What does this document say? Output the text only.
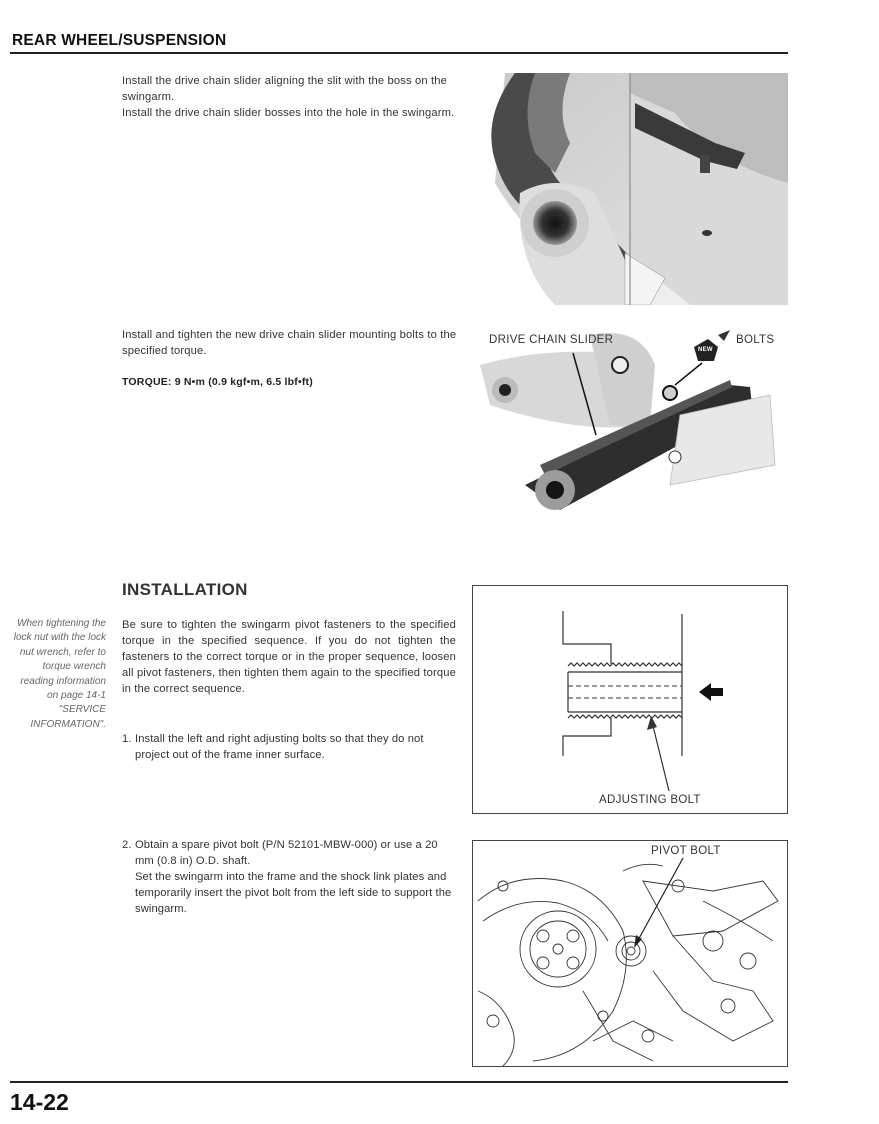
REAR WHEEL/SUSPENSION

Install the drive chain slider aligning the slit with the boss on the swingarm.

Install the drive chain slider bosses into the hole in the swingarm.

Install and tighten the new drive chain slider mounting bolts to the specified torque.
TORQUE: 9 N•m (0.9 kgf•m, 6.5 lbf•ft)
DRIVE CHAIN SLIDER	BOLTS
NEW
INSTALLATION
When tightening the lock nut with the lock nut wrench, refer to torque wrench reading information on page 14-1 "SERVICE INFORMATION".
Be sure to tighten the swingarm pivot fasteners to the specified torque in the specified sequence. If you do not tighten the fasteners to the correct torque or in the proper sequence, loosen all pivot fasteners, then tighten them again to the specified torque in the correct sequence.
1. Install the left and right adjusting bolts so that they do not project out of the frame inner surface.

ADJUSTING BOLT
2. Obtain a spare pivot bolt (P/N 52101-MBW-000) or use a 20 mm (0.8 in) O.D. shaft.

Set the swingarm into the frame and the shock link plates and temporarily insert the pivot bolt from the left side to support the swingarm.

PIVOT BOLT
14-22
